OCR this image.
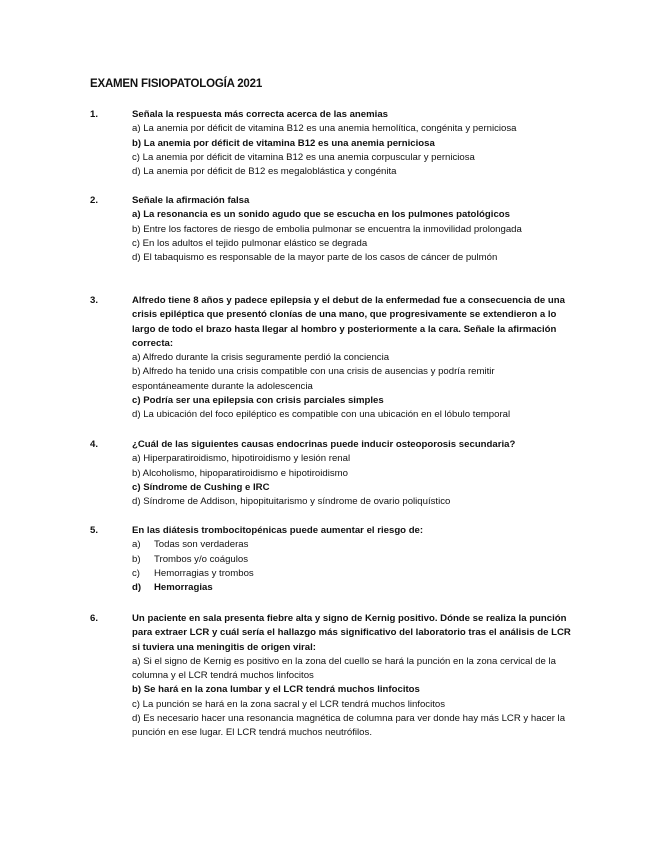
EXAMEN FISIOPATOLOGÍA 2021
1.	Señala la respuesta más correcta acerca de las anemias
a) La anemia por déficit de vitamina B12 es una anemia hemolítica, congénita y perniciosa
b) La anemia por déficit de vitamina B12 es una anemia perniciosa
c) La anemia por déficit de vitamina B12 es una anemia corpuscular y perniciosa
d) La anemia por déficit de B12 es megaloblástica y congénita
2.	Señale la afirmación falsa
a) La resonancia es un sonido agudo que se escucha en los pulmones patológicos
b) Entre los factores de riesgo de embolia pulmonar se encuentra la inmovilidad prolongada
c) En los adultos el tejido pulmonar elástico se degrada
d) El tabaquismo es responsable de la mayor parte de los casos de cáncer de pulmón
3.	Alfredo tiene 8 años y padece epilepsia y el debut de la enfermedad fue a consecuencia de una crisis epiléptica que presentó clonías de una mano, que progresivamente se extendieron a lo largo de todo el brazo hasta llegar al hombro y posteriormente a la cara. Señale la afirmación correcta:
a) Alfredo durante la crisis seguramente perdió la conciencia
b) Alfredo ha tenido una crisis compatible con una crisis de ausencias y podría remitir espontáneamente durante la adolescencia
c) Podría ser una epilepsia con crisis parciales simples
d) La ubicación del foco epiléptico es compatible con una ubicación en el lóbulo temporal
4.	¿Cuál de las siguientes causas endocrinas puede inducir osteoporosis secundaria?
a) Hiperparatiroidismo, hipotiroidismo y lesión renal
b) Alcoholismo, hipoparatiroidismo e hipotiroidismo
c) Síndrome de Cushing e IRC
d) Síndrome de Addison, hipopituitarismo y síndrome de ovario poliquístico
5.	En las diátesis trombocitopénicas puede aumentar el riesgo de:
a)	Todas son verdaderas
b)	Trombos y/o coágulos
c)	Hemorragias y trombos
d)	Hemorragias
6.	Un paciente en sala presenta fiebre alta y signo de Kernig positivo. Dónde se realiza la punción para extraer LCR y cuál sería el hallazgo más significativo del laboratorio tras el análisis de LCR si tuviera una meningitis de origen viral:
a) Si el signo de Kernig es positivo en la zona del cuello se hará la punción en la zona cervical de la columna y el LCR tendrá muchos linfocitos
b) Se hará en la zona lumbar y el LCR tendrá muchos linfocitos
c) La punción se hará en la zona sacral y el LCR tendrá muchos linfocitos
d) Es necesario hacer una resonancia magnética de columna para ver donde hay más LCR y hacer la punción en ese lugar. El LCR tendrá muchos neutrófilos.
